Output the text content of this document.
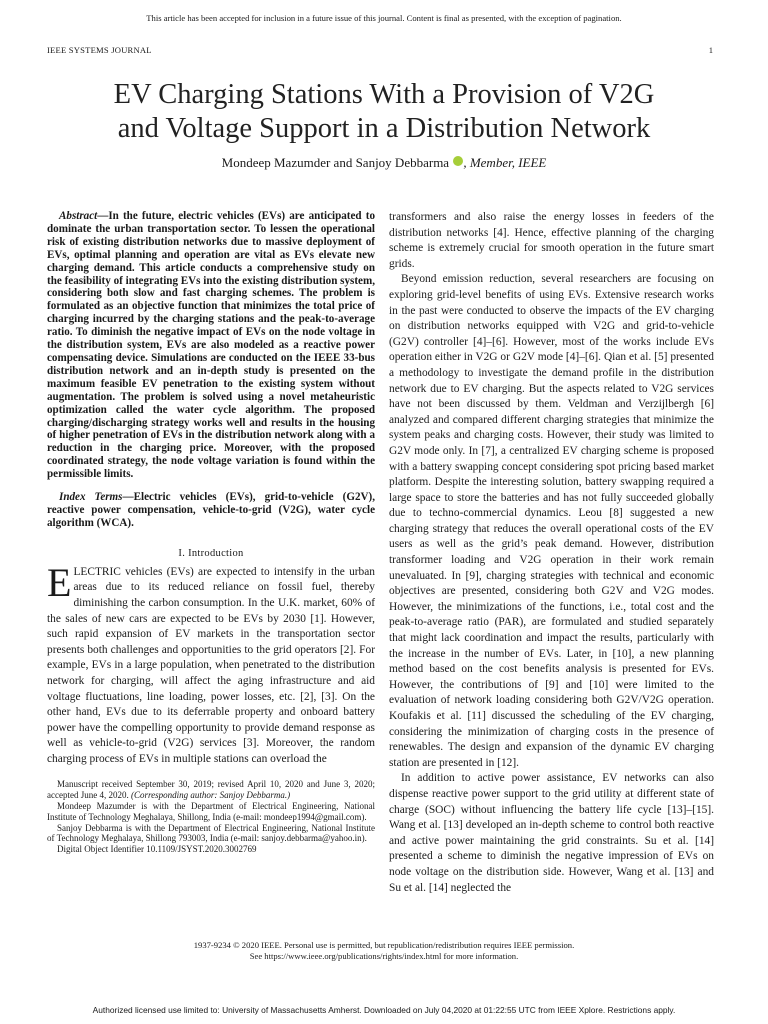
This article has been accepted for inclusion in a future issue of this journal. Content is final as presented, with the exception of pagination.
IEEE SYSTEMS JOURNAL	1
EV Charging Stations With a Provision of V2G
and Voltage Support in a Distribution Network
Mondeep Mazumder and Sanjoy Debbarma , Member, IEEE

Abstract—In the future, electric vehicles (EVs) are anticipated to dominate the urban transportation sector. To lessen the operational risk of existing distribution networks due to massive deployment of EVs, optimal planning and operation are vital as EVs elevate new charging demand. This article conducts a comprehensive study on the feasibility of integrating EVs into the existing distribution system, considering both slow and fast charging schemes. The problem is formulated as an objective function that minimizes the total price of charging incurred by the charging stations and the peak-to-average ratio. To diminish the negative impact of EVs on the node voltage in the distribution system, EVs are also modeled as a reactive power compensating device. Simulations are conducted on the IEEE 33-bus distribution network and an in-depth study is presented on the maximum feasible EV penetration to the existing system without augmentation. The problem is solved using a novel metaheuristic optimization called the water cycle algorithm. The proposed charging/discharging strategy works well and results in the housing of higher penetration of EVs in the distribution network along with a reduction in the charging price. Moreover, with the proposed coordinated strategy, the node voltage variation is found within the permissible limits.

Index Terms—Electric vehicles (EVs), grid-to-vehicle (G2V), reactive power compensation, vehicle-to-grid (V2G), water cycle algorithm (WCA).

I. Introduction

ELECTRIC vehicles (EVs) are expected to intensify in the urban areas due to its reduced reliance on fossil fuel, thereby diminishing the carbon consumption. In the U.K. market, 60% of the sales of new cars are expected to be EVs by 2030 [1]. However, such rapid expansion of EV markets in the transportation sector presents both challenges and opportunities to the grid operators [2]. For example, EVs in a large population, when penetrated to the distribution network for charging, will affect the aging infrastructure and aid voltage fluctuations, line loading, power losses, etc. [2], [3]. On the other hand, EVs due to its deferrable property and onboard battery power have the compelling opportunity to provide demand response as well as vehicle-to-grid (V2G) services [3]. Moreover, the random charging process of EVs in multiple stations can overload the

Manuscript received September 30, 2019; revised April 10, 2020 and June 3, 2020; accepted June 4, 2020. (Corresponding author: Sanjoy Debbarma.)

Mondeep Mazumder is with the Department of Electrical Engineering, National Institute of Technology Meghalaya, Shillong, India (e-mail: mondeep1994@gmail.com).

Sanjoy Debbarma is with the Department of Electrical Engineering, National Institute of Technology Meghalaya, Shillong 793003, India (e-mail: sanjoy.debbarma@yahoo.in).

Digital Object Identifier 10.1109/JSYST.2020.3002769

transformers and also raise the energy losses in feeders of the distribution networks [4]. Hence, effective planning of the charging scheme is extremely crucial for smooth operation in the future smart grids.

Beyond emission reduction, several researchers are focusing on exploring grid-level benefits of using EVs. Extensive research works in the past were conducted to observe the impacts of the EV charging on distribution networks equipped with V2G and grid-to-vehicle (G2V) controller [4]–[6]. However, most of the works include EVs operation either in V2G or G2V mode [4]–[6]. Qian et al. [5] presented a methodology to investigate the demand profile in the distribution network due to EV charging. But the aspects related to V2G services have not been discussed by them. Veldman and Verzijlbergh [6] analyzed and compared different charging strategies that minimize the system peaks and charging costs. However, their study was limited to G2V mode only. In [7], a centralized EV charging scheme is proposed with a battery swapping concept considering spot pricing based market platform. Despite the interesting solution, battery swapping required a large space to store the batteries and has not fully succeeded globally due to techno-commercial dynamics. Leou [8] suggested a new charging strategy that reduces the overall operational costs of the EV users as well as the grid’s peak demand. However, distribution transformer loading and V2G operation in their work remain unevaluated. In [9], charging strategies with technical and economic objectives are presented, considering both G2V and V2G modes. However, the minimizations of the functions, i.e., total cost and the peak-to-average ratio (PAR), are formulated and studied separately that might lack coordination and impact the results, particularly with the increase in the number of EVs. Later, in [10], a new planning method based on the cost benefits analysis is presented for EVs. However, the contributions of [9] and [10] were limited to the evaluation of network loading considering both G2V/V2G operation. Koufakis et al. [11] discussed the scheduling of the EV charging, considering the minimization of charging costs in the presence of renewables. The design and expansion of the dynamic EV charging station are presented in [12].

In addition to active power assistance, EV networks can also dispense reactive power support to the grid utility at different state of charge (SOC) without influencing the battery life cycle [13]–[15]. Wang et al. [13] developed an in-depth scheme to control both reactive and active power maintaining the grid constraints. Su et al. [14] presented a scheme to diminish the negative impression of EVs on node voltage on the distribution side. However, Wang et al. [13] and Su et al. [14] neglected the

1937-9234 © 2020 IEEE. Personal use is permitted, but republication/redistribution requires IEEE permission.
See https://www.ieee.org/publications/rights/index.html for more information.
Authorized licensed use limited to: University of Massachusetts Amherst. Downloaded on July 04,2020 at 01:22:55 UTC from IEEE Xplore. Restrictions apply.
